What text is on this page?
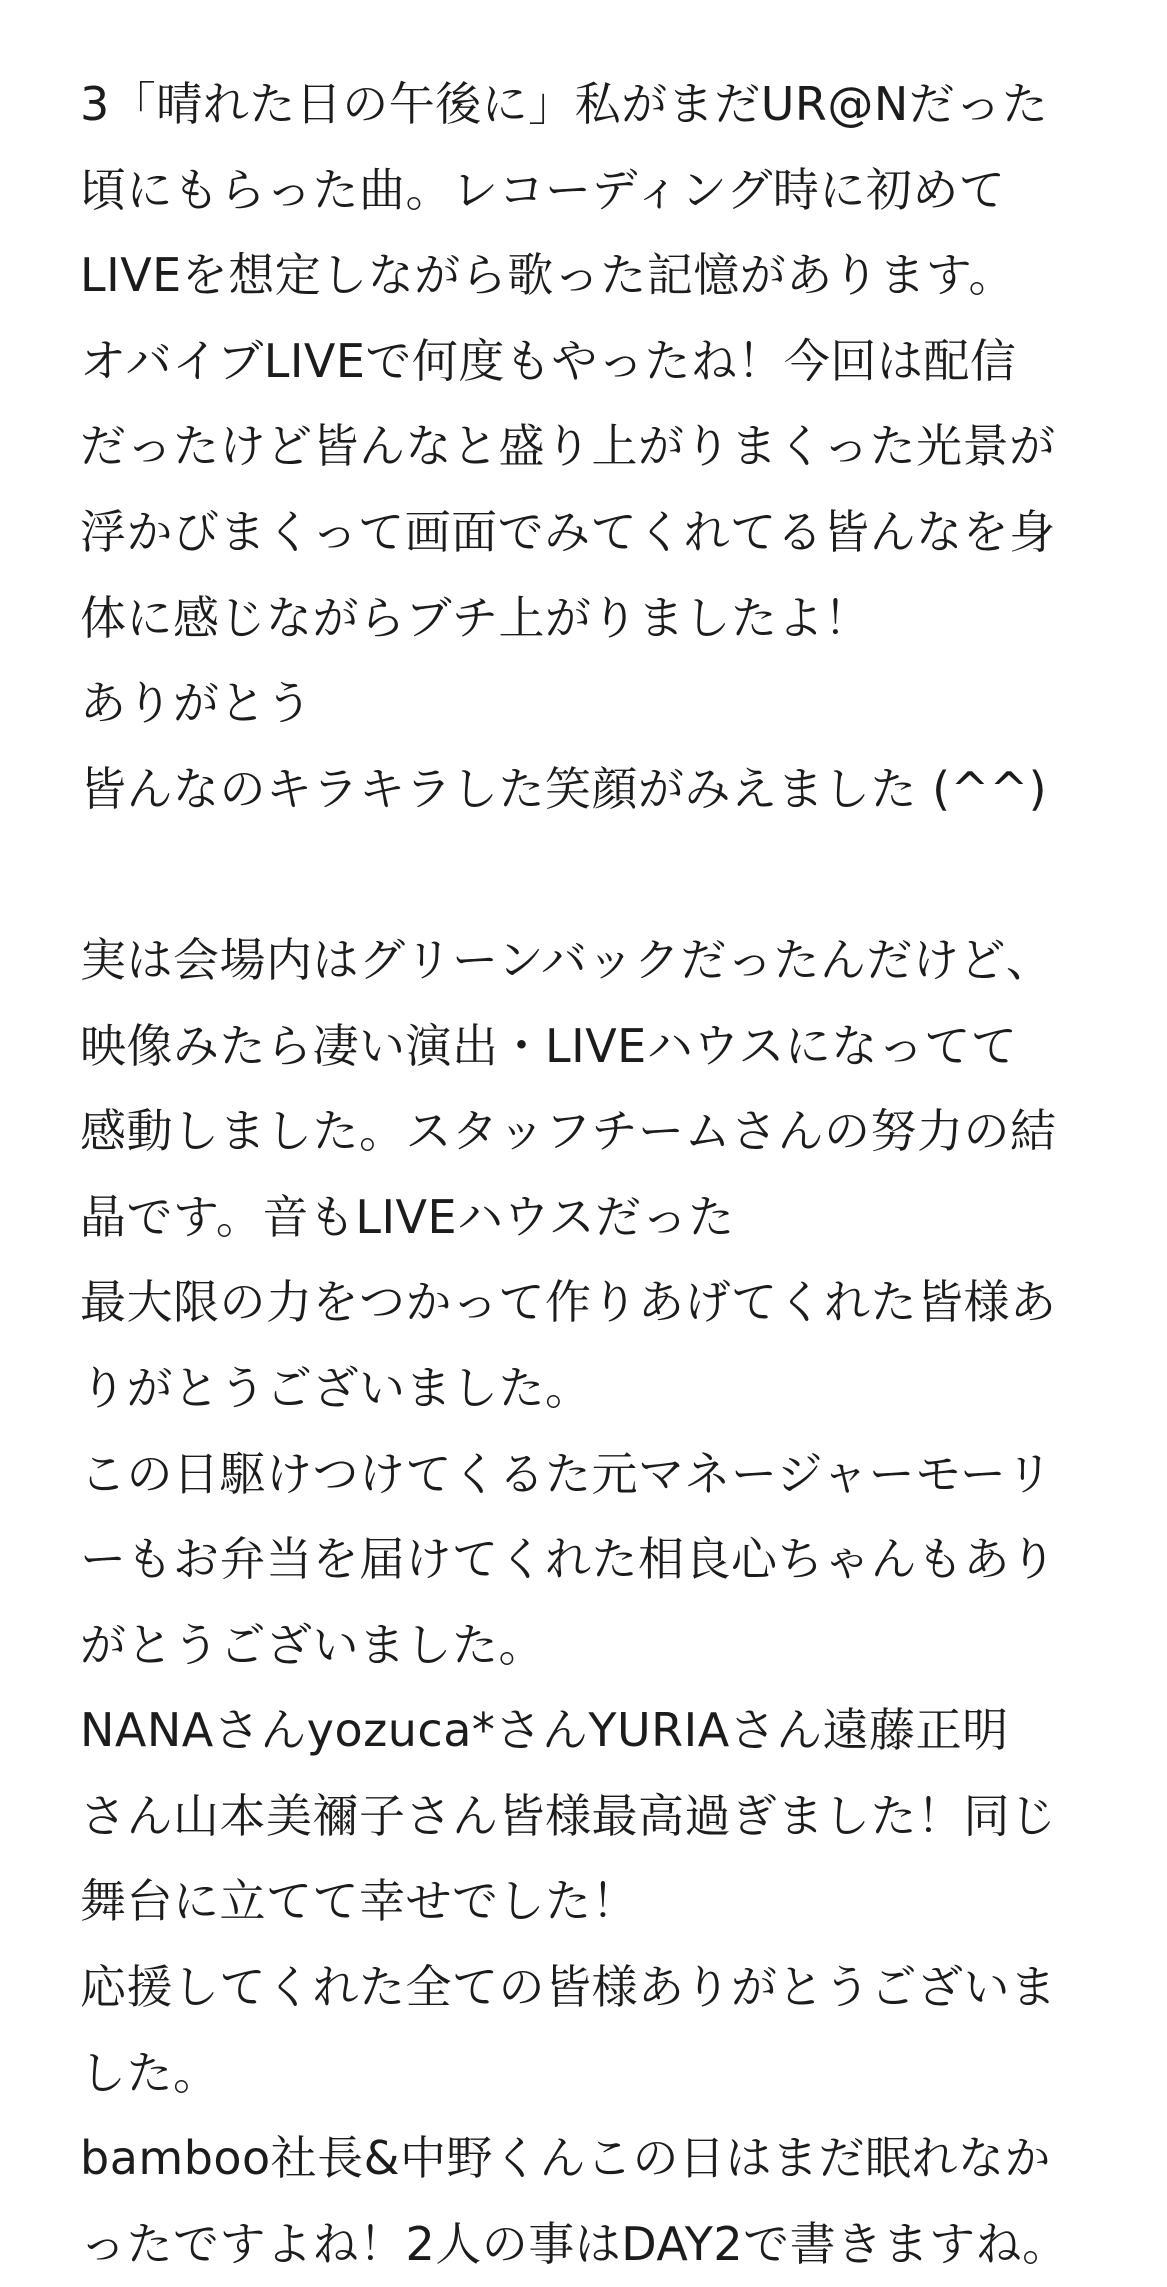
3「晴れた日の午後に」私がまだUR@Nだった
頃にもらった曲。レコーディング時に初めて
LIVEを想定しながら歌った記憶があります。
オバイブLIVEで何度もやったね！今回は配信
だったけど皆んなと盛り上がりまくった光景が
浮かびまくって画面でみてくれてる皆んなを身
体に感じながらブチ上がりましたよ！
ありがとう
皆んなのキラキラした笑顔がみえました (^^)
実は会場内はグリーンバックだったんだけど、
映像みたら凄い演出・LIVEハウスになってて
感動しました。スタッフチームさんの努力の結
晶です。音もLIVEハウスだった
最大限の力をつかって作りあげてくれた皆様あ
りがとうございました。
この日駆けつけてくるた元マネージャーモーリ
ーもお弁当を届けてくれた相良心ちゃんもあり
がとうございました。
NANAさんyozuca*さんYURIAさん遠藤正明
さん山本美禰子さん皆様最高過ぎました！同じ
舞台に立てて幸せでした！
応援してくれた全ての皆様ありがとうございま
した。
bamboo社長&中野くんこの日はまだ眠れなか
ったですよね！2人の事はDAY2で書きますね。
